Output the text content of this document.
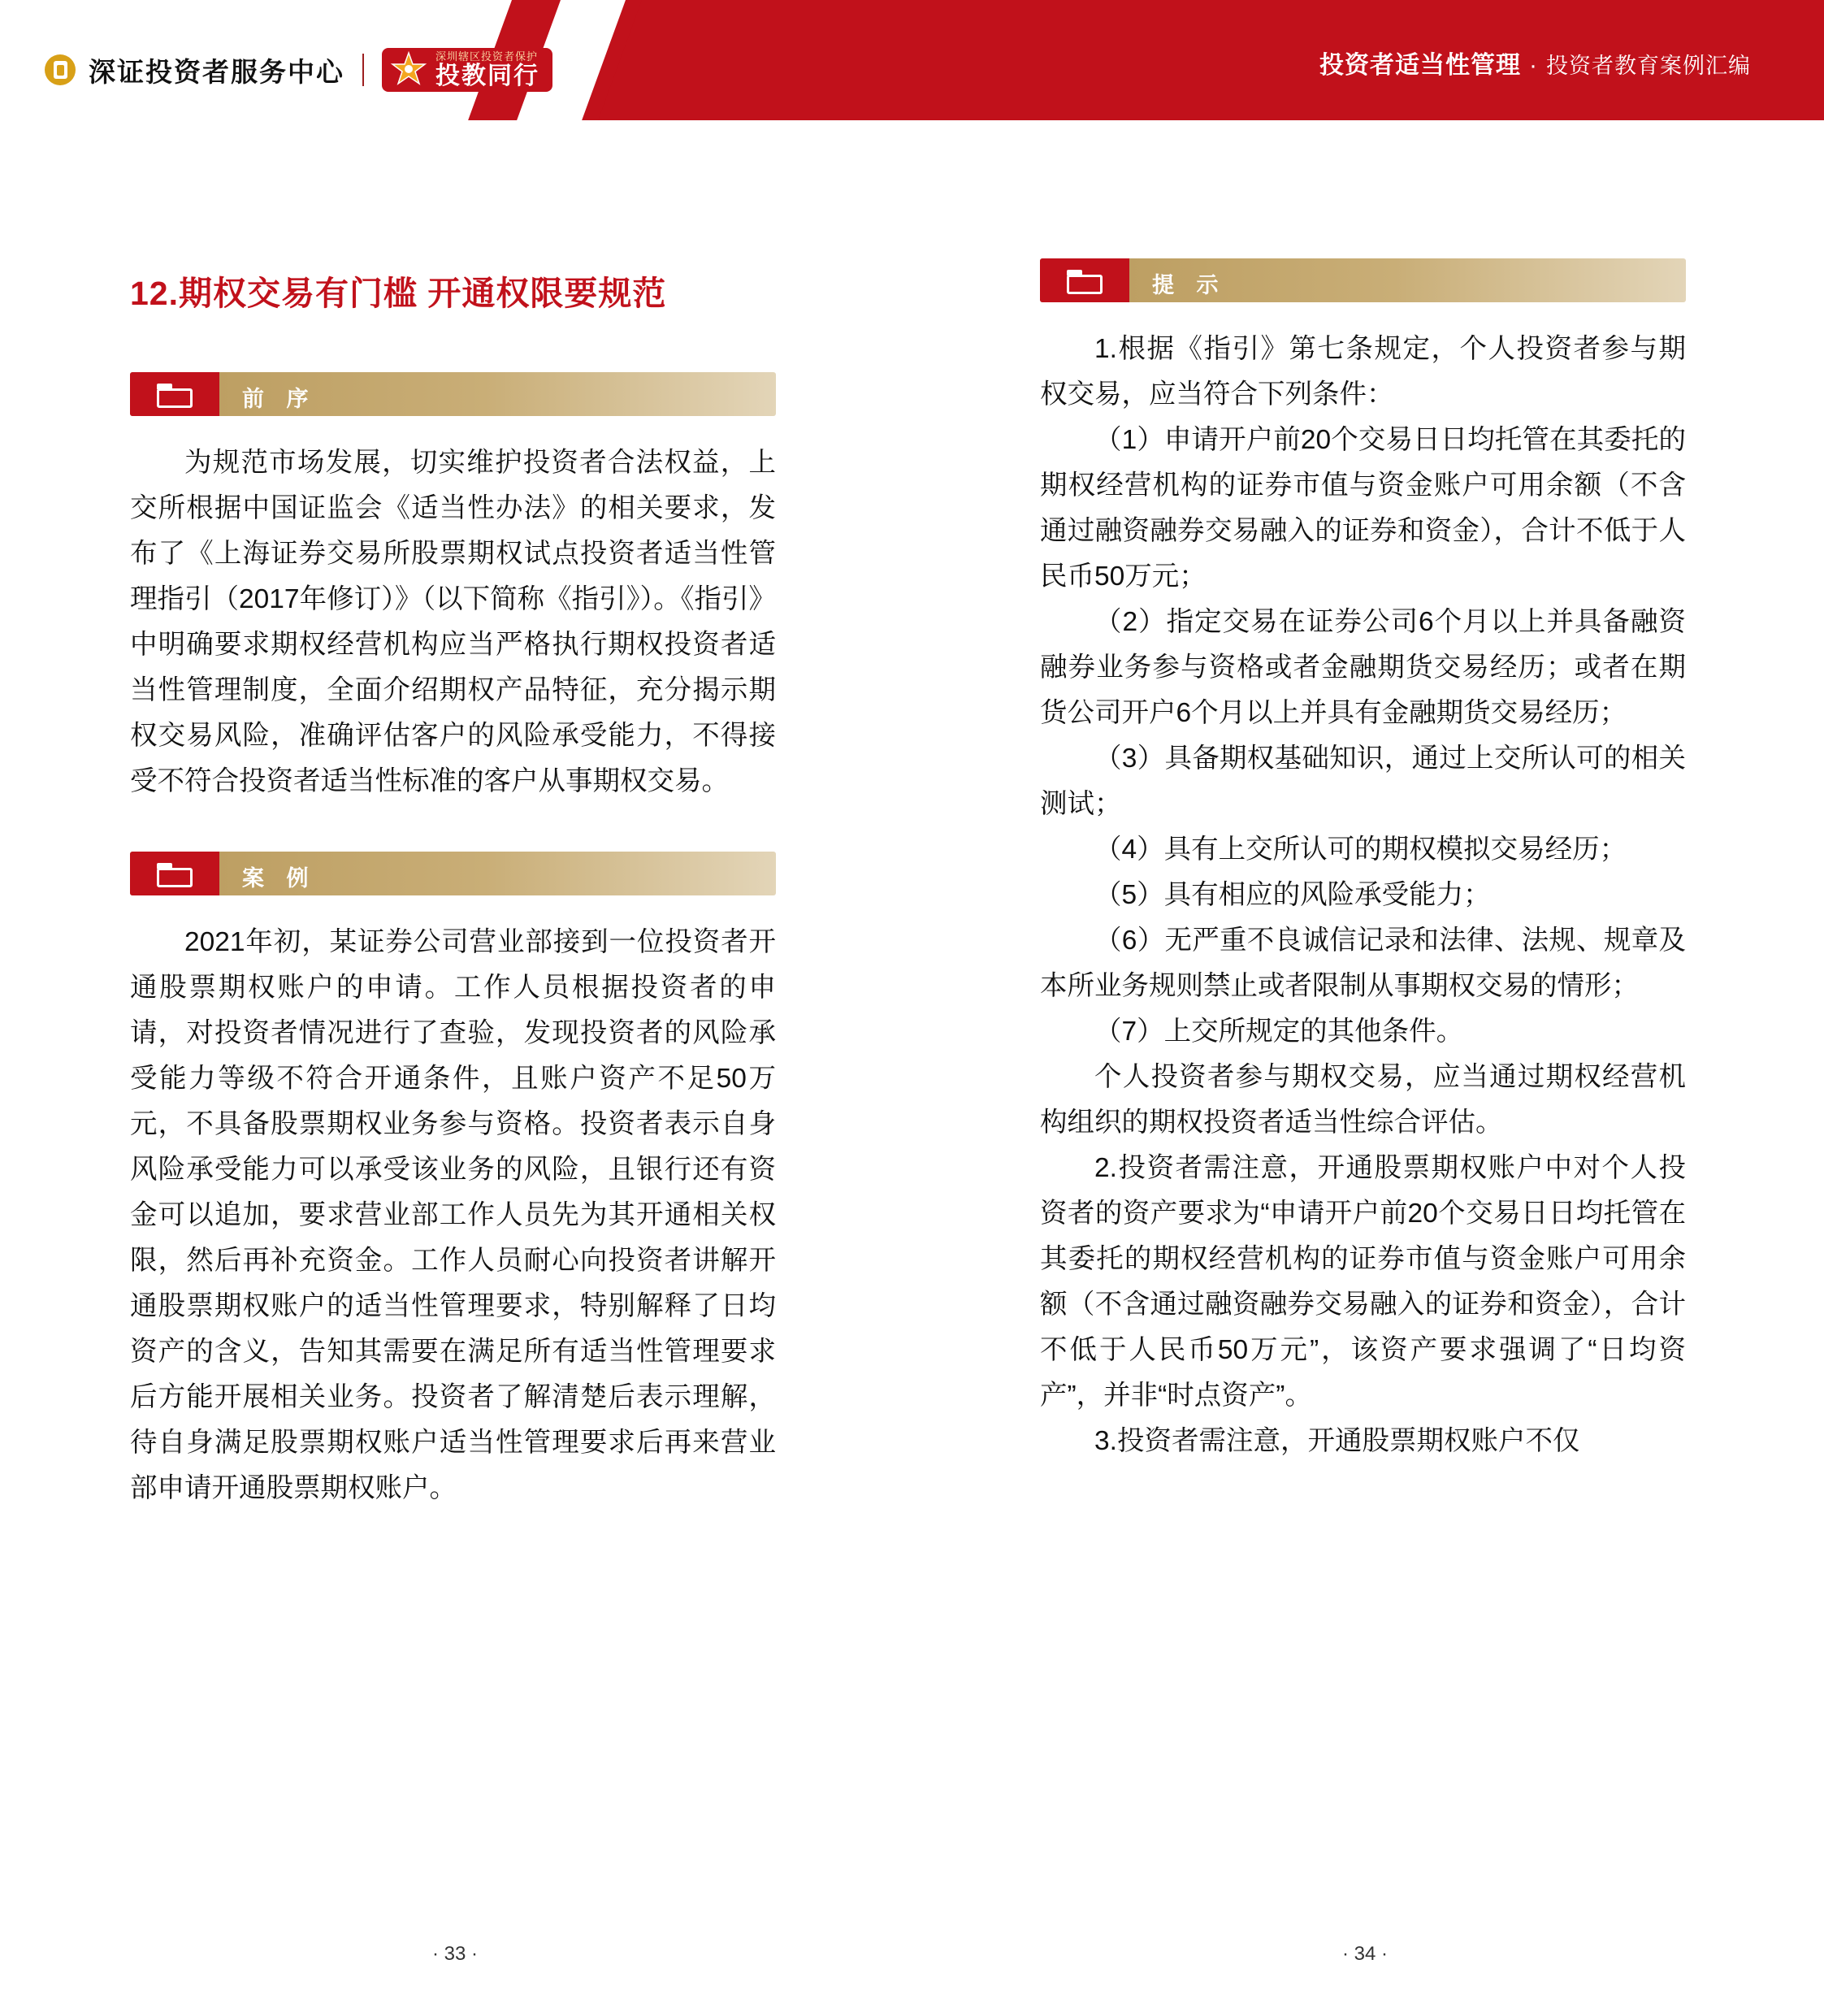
深证投资者服务中心	深圳辖区投资者保护
投教同行	投资者适当性管理 · 投资者教育案例汇编
12.期权交易有门槛 开通权限要规范
前 序

为规范市场发展，切实维护投资者合法权益，上交所根据中国证监会《适当性办法》的相关要求，发布了《上海证券交易所股票期权试点投资者适当性管理指引（2017年修订）》（以下简称《指引》）。《指引》中明确要求期权经营机构应当严格执行期权投资者适当性管理制度，全面介绍期权产品特征，充分揭示期权交易风险，准确评估客户的风险承受能力，不得接受不符合投资者适当性标准的客户从事期权交易。

案 例

2021年初，某证券公司营业部接到一位投资者开通股票期权账户的申请。工作人员根据投资者的申请，对投资者情况进行了查验，发现投资者的风险承受能力等级不符合开通条件，且账户资产不足50万元，不具备股票期权业务参与资格。投资者表示自身风险承受能力可以承受该业务的风险，且银行还有资金可以追加，要求营业部工作人员先为其开通相关权限，然后再补充资金。工作人员耐心向投资者讲解开通股票期权账户的适当性管理要求，特别解释了日均资产的含义，告知其需要在满足所有适当性管理要求后方能开展相关业务。投资者了解清楚后表示理解，待自身满足股票期权账户适当性管理要求后再来营业部申请开通股票期权账户。

提 示

1.根据《指引》第七条规定，个人投资者参与期权交易，应当符合下列条件：

（1）申请开户前20个交易日日均托管在其委托的期权经营机构的证券市值与资金账户可用余额（不含通过融资融券交易融入的证券和资金），合计不低于人民币50万元；

（2）指定交易在证券公司6个月以上并具备融资融券业务参与资格或者金融期货交易经历；或者在期货公司开户6个月以上并具有金融期货交易经历；

（3）具备期权基础知识，通过上交所认可的相关测试；

（4）具有上交所认可的期权模拟交易经历；

（5）具有相应的风险承受能力；

（6）无严重不良诚信记录和法律、法规、规章及本所业务规则禁止或者限制从事期权交易的情形；

（7）上交所规定的其他条件。

个人投资者参与期权交易，应当通过期权经营机构组织的期权投资者适当性综合评估。

2.投资者需注意，开通股票期权账户中对个人投资者的资产要求为“申请开户前20个交易日日均托管在其委托的期权经营机构的证券市值与资金账户可用余额（不含通过融资融券交易融入的证券和资金），合计不低于人民币50万元”，该资产要求强调了“日均资产”，并非“时点资产”。

3.投资者需注意，开通股票期权账户不仅

· 33 ·	· 34 ·
